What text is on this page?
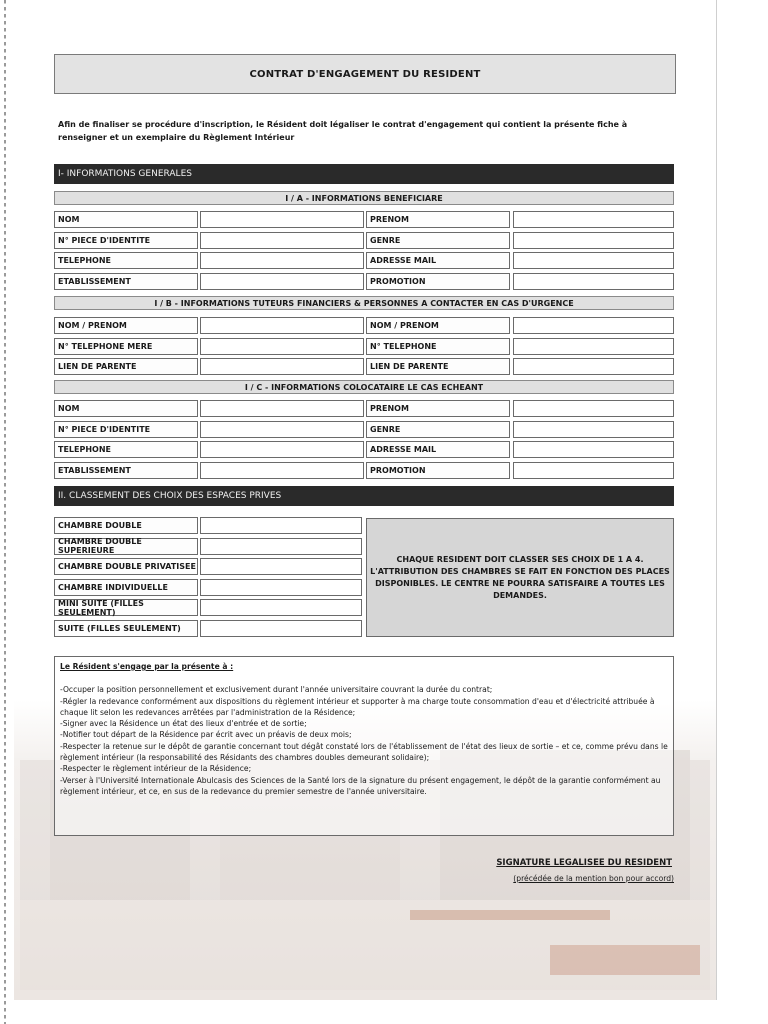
CONTRAT D'ENGAGEMENT DU RESIDENT
Afin de finaliser se procédure d'inscription, le Résident doit légaliser le contrat d'engagement qui contient la présente fiche à renseigner et un exemplaire du Règlement Intérieur
I- INFORMATIONS GENERALES
I / A - INFORMATIONS BENEFICIARE
NOM	PRENOM
N° PIECE D'IDENTITE	GENRE
TELEPHONE	ADRESSE MAIL
ETABLISSEMENT	PROMOTION
I / B - INFORMATIONS TUTEURS FINANCIERS & PERSONNES A CONTACTER EN CAS D'URGENCE
NOM / PRENOM	NOM / PRENOM
N° TELEPHONE MERE	N° TELEPHONE
LIEN DE PARENTE	LIEN DE PARENTE
I / C - INFORMATIONS COLOCATAIRE LE CAS ECHEANT
NOM	PRENOM
N° PIECE D'IDENTITE	GENRE
TELEPHONE	ADRESSE MAIL
ETABLISSEMENT	PROMOTION
II. CLASSEMENT DES CHOIX DES ESPACES PRIVES
CHAMBRE DOUBLE
CHAMBRE DOUBLE SUPERIEURE
CHAMBRE DOUBLE PRIVATISEE
CHAMBRE INDIVIDUELLE
MINI SUITE (FILLES SEULEMENT)
SUITE (FILLES SEULEMENT)
CHAQUE RESIDENT DOIT CLASSER SES CHOIX DE 1 A 4.
L'ATTRIBUTION DES CHAMBRES SE FAIT EN FONCTION DES PLACES
DISPONIBLES. LE CENTRE NE POURRA SATISFAIRE A TOUTES LES DEMANDES.
Le Résident s'engage par la présente à :
-Occuper la position personnellement et exclusivement durant l'année universitaire couvrant la durée du contrat;
-Régler la redevance conformément aux dispositions du règlement intérieur et supporter à ma charge toute consommation d'eau et d'électricité attribuée à chaque lit selon les redevances arrêtées par l'administration de la Résidence;
-Signer avec la Résidence un état des lieux d'entrée et de sortie;
-Notifier tout départ de la Résidence par écrit avec un préavis de deux mois;
-Respecter la retenue sur le dépôt de garantie concernant tout dégât constaté lors de l'établissement de l'état des lieux de sortie – et ce, comme prévu dans le règlement intérieur (la responsabilité des Résidants des chambres doubles demeurant solidaire);
-Respecter le règlement intérieur de la Résidence;
-Verser à l'Université Internationale Abulcasis des Sciences de la Santé lors de la signature du présent engagement, le dépôt de la garantie conformément au règlement intérieur, et ce, en sus de la redevance du premier semestre de l'année universitaire.
SIGNATURE LEGALISEE DU RESIDENT
(précédée de la mention bon pour accord)
